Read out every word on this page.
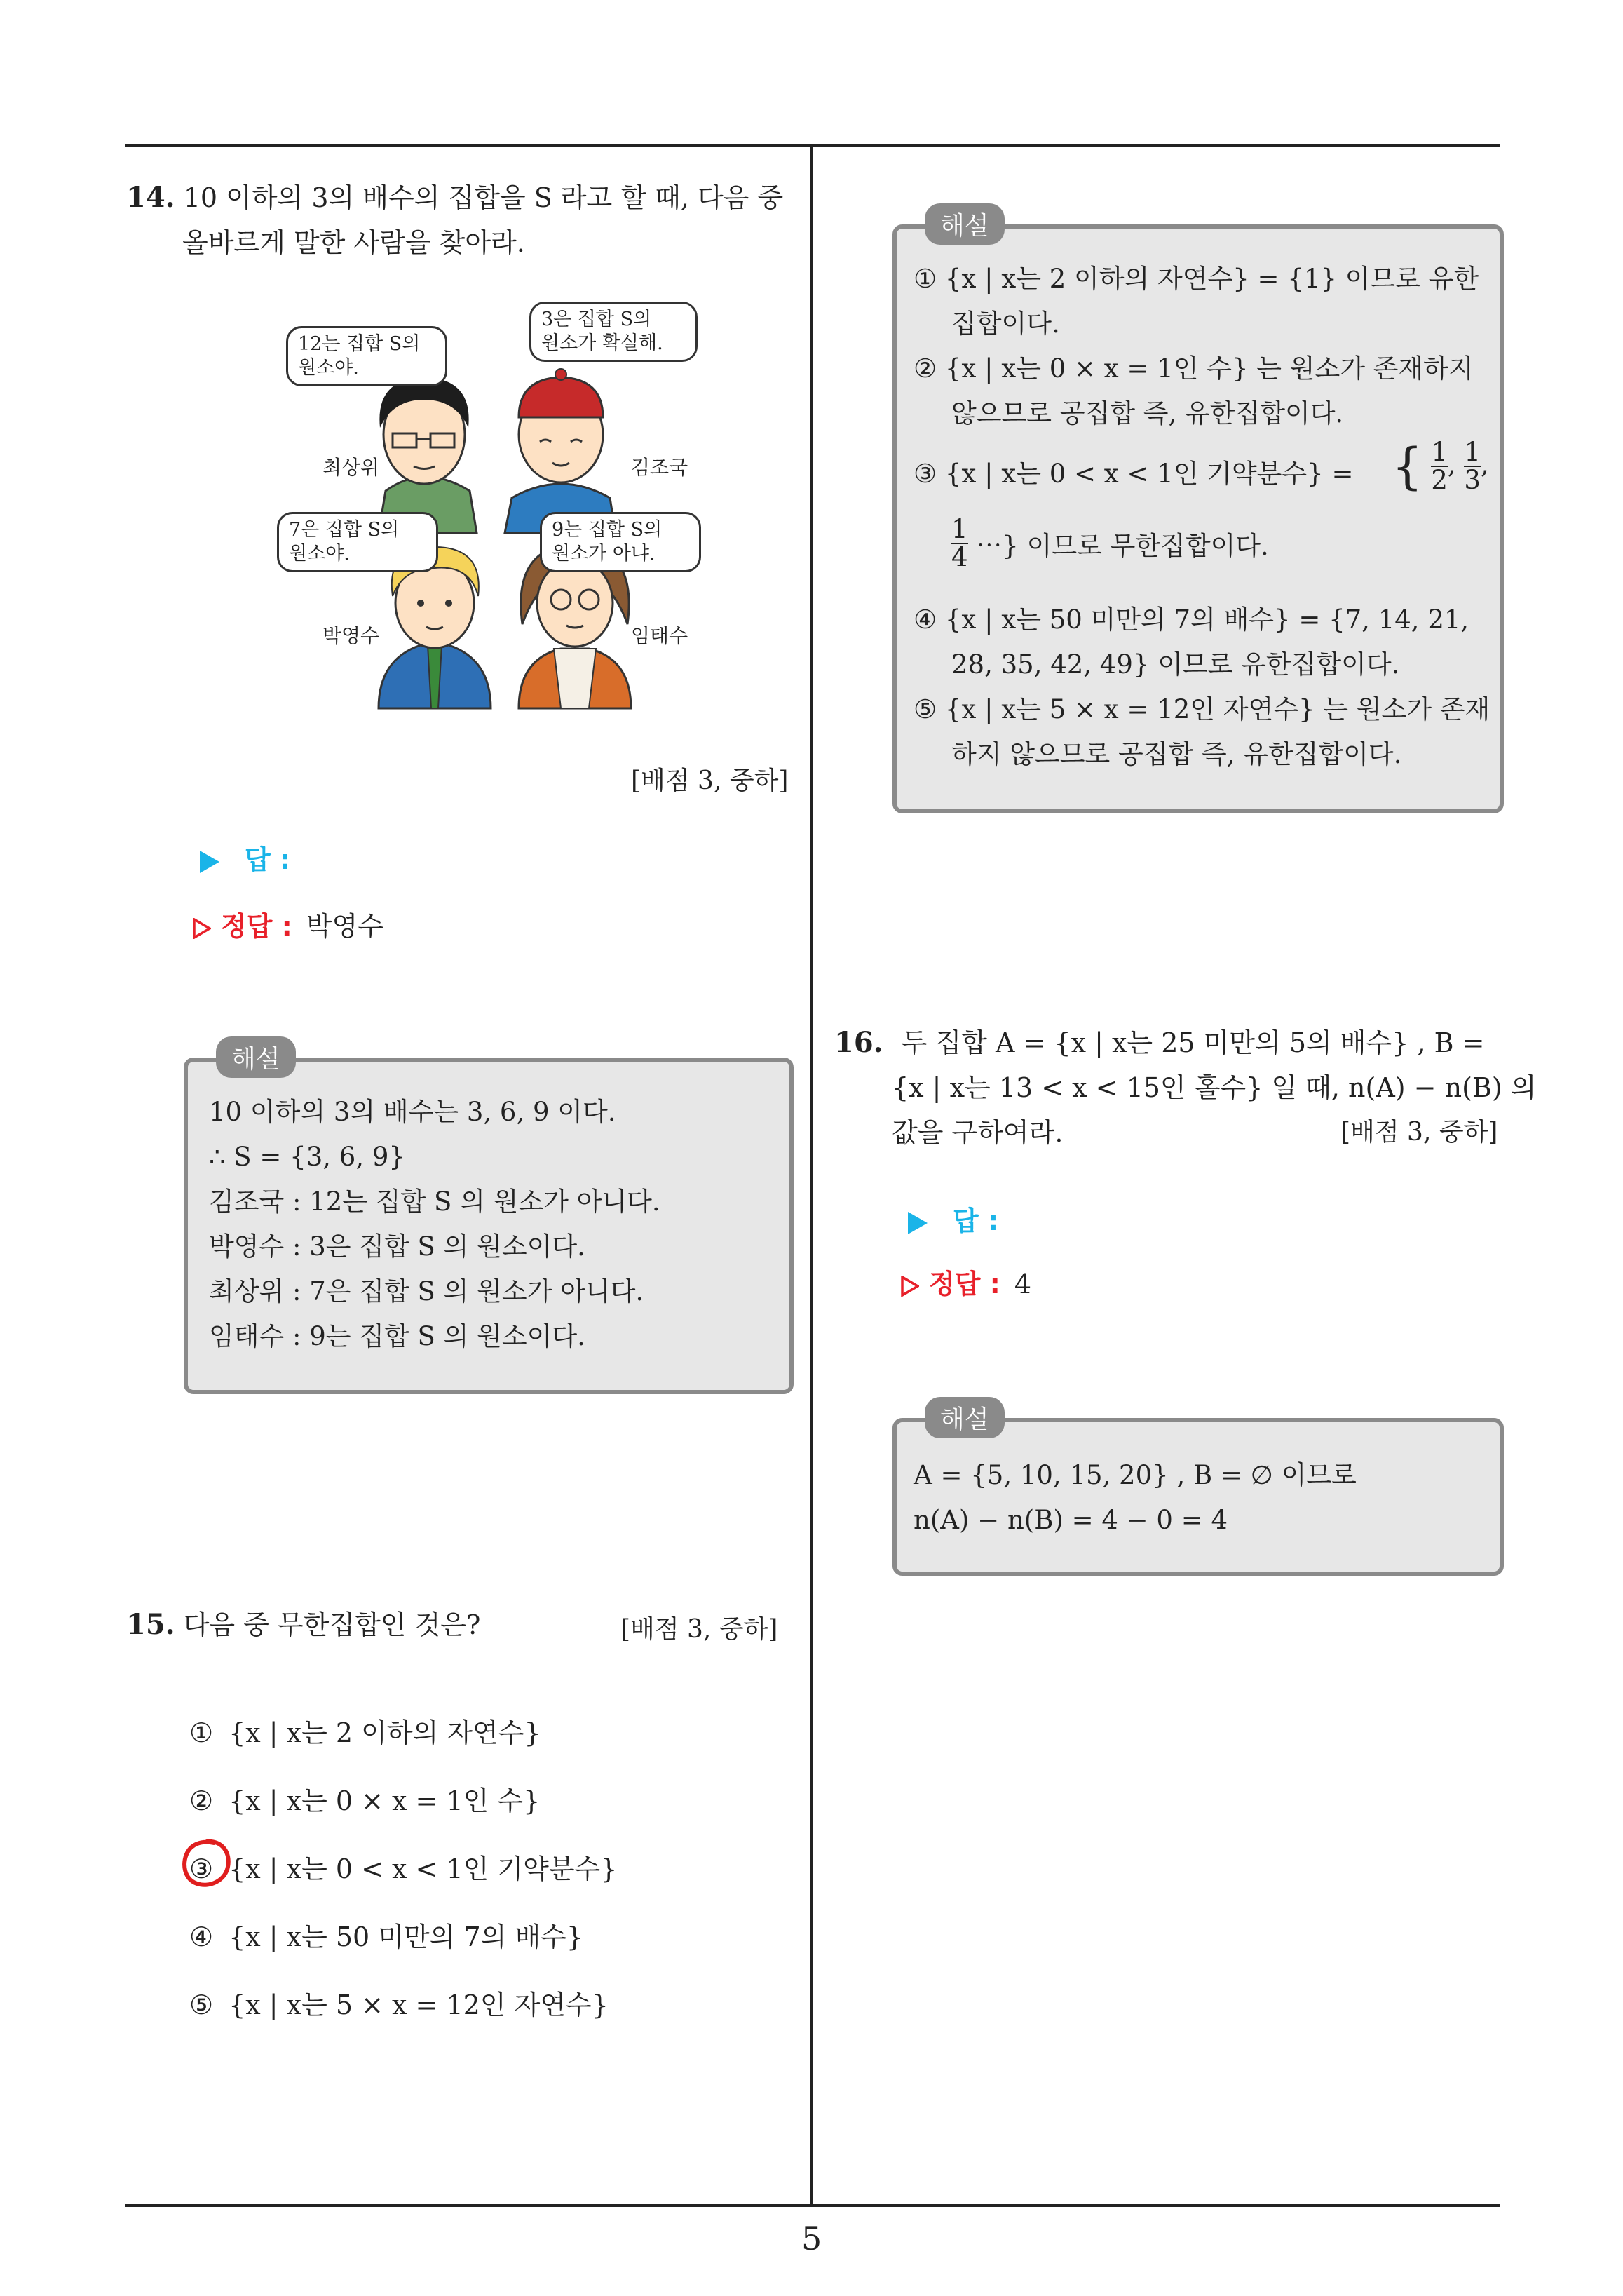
14. 10 이하의 3의 배수의 집합을 S 라고 할 때, 다음 중
올바르게 말한 사람을 찾아라.
12는 집합 S의
원소야.
3은 집합 S의
원소가 확실해.
7은 집합 S의
원소야.
9는 집합 S의
원소가 아냐.
최상위	김조국
박영수	임태수
[배점 3, 중하]
답 :
정답 : 박영수
해설
10 이하의 3의 배수는 3, 6, 9 이다.
∴ S = {3, 6, 9}
김조국 : 12는 집합 S 의 원소가 아니다.
박영수 : 3은 집합 S 의 원소이다.
최상위 : 7은 집합 S 의 원소가 아니다.
임태수 : 9는 집합 S 의 원소이다.
15. 다음 중 무한집합인 것은?	[배점 3, 중하]
① {x | x는 2 이하의 자연수}
② {x | x는 0 × x = 1인 수}
③ {x | x는 0 < x < 1인 기약분수}
④ {x | x는 50 미만의 7의 배수}
⑤ {x | x는 5 × x = 12인 자연수}
해설
① {x | x는 2 이하의 자연수} = {1} 이므로 유한
집합이다.
② {x | x는 0 × x = 1인 수} 는 원소가 존재하지
않으므로 공집합 즉, 유한집합이다.
③ {x | x는 0 < x < 1인 기약분수} = { $\frac{1}{2}$ , $\frac{1}{3}$ ,
$\frac{1}{4}$ ⋯} 이므로 무한집합이다.
④ {x | x는 50 미만의 7의 배수} = {7, 14, 21,
28, 35, 42, 49} 이므로 유한집합이다.
⑤ {x | x는 5 × x = 12인 자연수} 는 원소가 존재
하지 않으므로 공집합 즉, 유한집합이다.
16. 두 집합 A = {x | x는 25 미만의 5의 배수} , B =
{x | x는 13 < x < 15인 홀수} 일 때, n(A) − n(B) 의
값을 구하여라.	[배점 3, 중하]
답 :
정답 : 4
해설
A = {5, 10, 15, 20} , B = ∅ 이므로
n(A) − n(B) = 4 − 0 = 4
5
